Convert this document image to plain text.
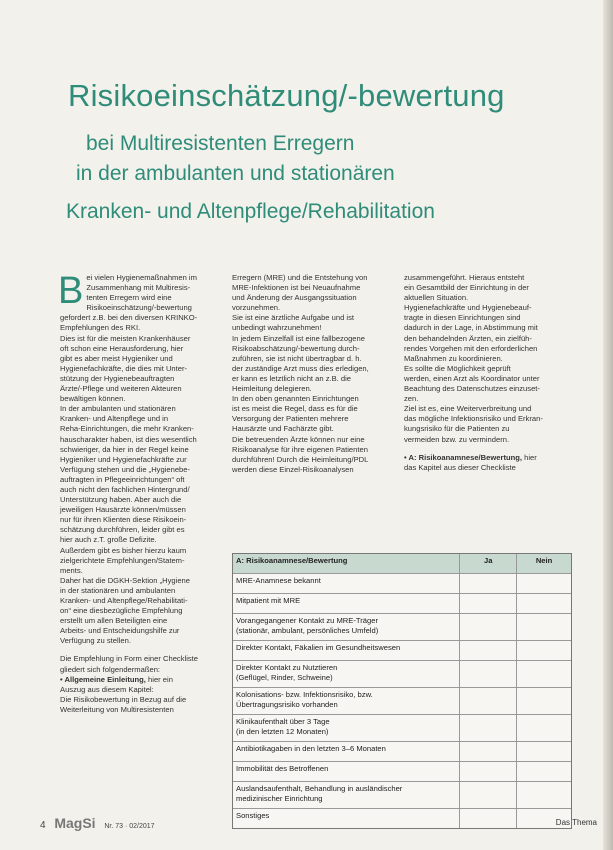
Risikoeinschätzung/-bewertung
bei Multiresistenten Erregern
in der ambulanten und stationären
Kranken- und Altenpflege/Rehabilitation
B ei vielen Hygienemaßnahmen im

Zusammenhang mit Multiresis-

tenten Erregern wird eine

Risikoeinschätzung/-bewertung

gefordert z.B. bei den diversen KRINKO-

Empfehlungen des RKI.

Dies ist für die meisten Krankenhäuser

oft schon eine Herausforderung, hier

gibt es aber meist Hygieniker und

Hygienefachkräfte, die dies mit Unter-

stützung der Hygienebeauftragten

Ärzte/-Pflege und weiteren Akteuren

bewältigen können.

In der ambulanten und stationären

Kranken- und Altenpflege und in

Reha-Einrichtungen, die mehr Kranken-

hauscharakter haben, ist dies wesentlich

schwieriger, da hier in der Regel keine

Hygieniker und Hygienefachkräfte zur

Verfügung stehen und die „Hygienebe-

auftragten in Pflegeeinrichtungen“ oft

auch nicht den fachlichen Hintergrund/

Unterstützung haben. Aber auch die

jeweiligen Hausärzte können/müssen

nur für ihren Klienten diese Risikoein-

schätzung durchführen, leider gibt es

hier auch z.T. große Defizite.

Außerdem gibt es bisher hierzu kaum

zielgerichtete Empfehlungen/Statem-

ments.

Daher hat die DGKH-Sektion „Hygiene

in der stationären und ambulanten

Kranken- und Altenpflege/Rehabilitati-

on“ eine diesbezügliche Empfehlung

erstellt um allen Beteiligten eine

Arbeits- und Entscheidungshilfe zur

Verfügung zu stellen.

Die Empfehlung in Form einer Checkliste

gliedert sich folgendermaßen:

• Allgemeine Einleitung, hier ein

Auszug aus diesem Kapitel:

Die Risikobewertung in Bezug auf die

Weiterleitung von Multiresistenten

Erregern (MRE) und die Entstehung von

MRE-Infektionen ist bei Neuaufnahme

und Änderung der Ausgangssituation

vorzunehmen.

Sie ist eine ärztliche Aufgabe und ist

unbedingt wahrzunehmen!

In jedem Einzelfall ist eine fallbezogene

Risikoabschätzung/-bewertung durch-

zuführen, sie ist nicht übertragbar d. h.

der zuständige Arzt muss dies erledigen,

er kann es letztlich nicht an z.B. die

Heimleitung delegieren.

In den oben genannten Einrichtungen

ist es meist die Regel, dass es für die

Versorgung der Patienten mehrere

Hausärzte und Fachärzte gibt.

Die betreuenden Ärzte können nur eine

Risikoanalyse für ihre eigenen Patienten

durchführen! Durch die Heimleitung/PDL

werden diese Einzel-Risikoanalysen

zusammengeführt. Hieraus entsteht

ein Gesamtbild der Einrichtung in der

aktuellen Situation.

Hygienefachkräfte und Hygienebeauf-

tragte in diesen Einrichtungen sind

dadurch in der Lage, in Abstimmung mit

den behandelnden Ärzten, ein zielfüh-

rendes Vorgehen mit den erforderlichen

Maßnahmen zu koordinieren.

Es sollte die Möglichkeit geprüft

werden, einen Arzt als Koordinator unter

Beachtung des Datenschutzes einzuset-

zen.

Ziel ist es, eine Weiterverbreitung und

das mögliche Infektionsrisiko und Erkran-

kungsrisiko für die Patienten zu

vermeiden bzw. zu vermindern.

• A: Risikoanamnese/Bewertung, hier

das Kapitel aus dieser Checkliste

A: Risikoanamnese/Bewertung	Ja	Nein
MRE-Anamnese bekannt
Mitpatient mit MRE
Vorangegangener Kontakt zu MRE-Träger
(stationär, ambulant, persönliches Umfeld)
Direkter Kontakt, Fäkalien im Gesundheitswesen
Direkter Kontakt zu Nutztieren
(Geflügel, Rinder, Schweine)
Kolonisations- bzw. Infektionsrisiko, bzw.
Übertragungsrisiko vorhanden
Klinikaufenthalt über 3 Tage
(in den letzten 12 Monaten)
Antibiotikagaben in den letzten 3–6 Monaten
Immobilität des Betroffenen
Auslandsaufenthalt, Behandlung in ausländischer
medizinischer Einrichtung
Sonstiges
4 MagSi Nr. 73 · 02/2017	Das Thema
